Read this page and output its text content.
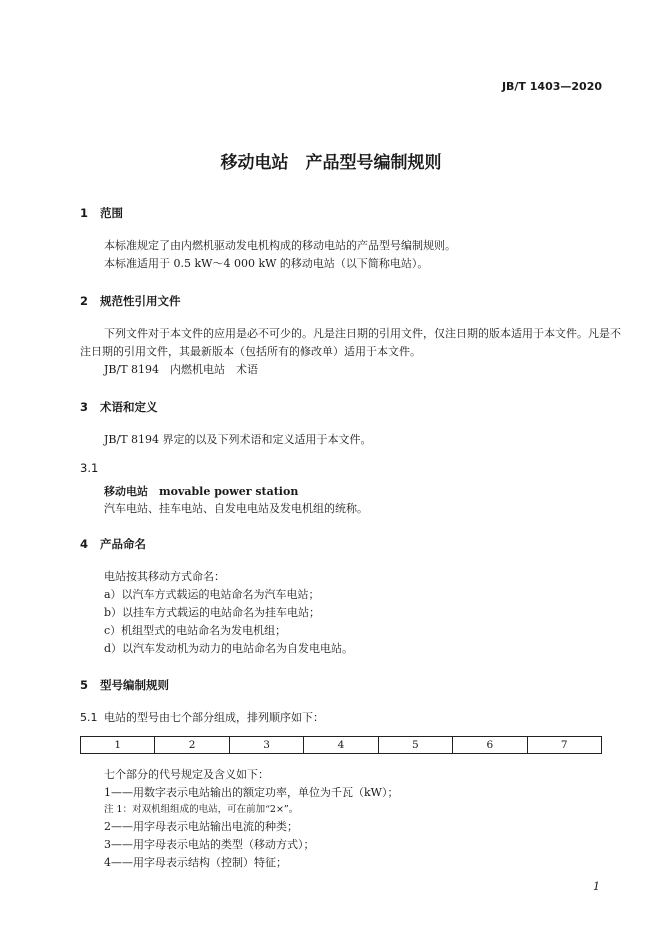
JB/T 1403—2020
移动电站　产品型号编制规则
1 范围
本标准规定了由内燃机驱动发电机构成的移动电站的产品型号编制规则。
本标准适用于 0.5 kW～4 000 kW 的移动电站（以下简称电站）。
2 规范性引用文件
下列文件对于本文件的应用是必不可少的。凡是注日期的引用文件，仅注日期的版本适用于本文件。凡是不注日期的引用文件，其最新版本（包括所有的修改单）适用于本文件。
JB/T 8194　内燃机电站　术语
3 术语和定义
JB/T 8194 界定的以及下列术语和定义适用于本文件。
3.1
移动电站　 movable power station
汽车电站、挂车电站、自发电电站及发电机组的统称。
4 产品命名
电站按其移动方式命名：
a）以汽车方式载运的电站命名为汽车电站；
b）以挂车方式载运的电站命名为挂车电站；
c）机组型式的电站命名为发电机组；
d）以汽车发动机为动力的电站命名为自发电电站。
5 型号编制规则
5.1 电站的型号由七个部分组成，排列顺序如下：
1	2	3	4	5	6	7
七个部分的代号规定及含义如下：
1——用数字表示电站输出的额定功率，单位为千瓦（kW）；
注 1：对双机组组成的电站，可在前加“2×”。
2——用字母表示电站输出电流的种类；
3——用字母表示电站的类型（移动方式）；
4——用字母表示结构（控制）特征；
1
